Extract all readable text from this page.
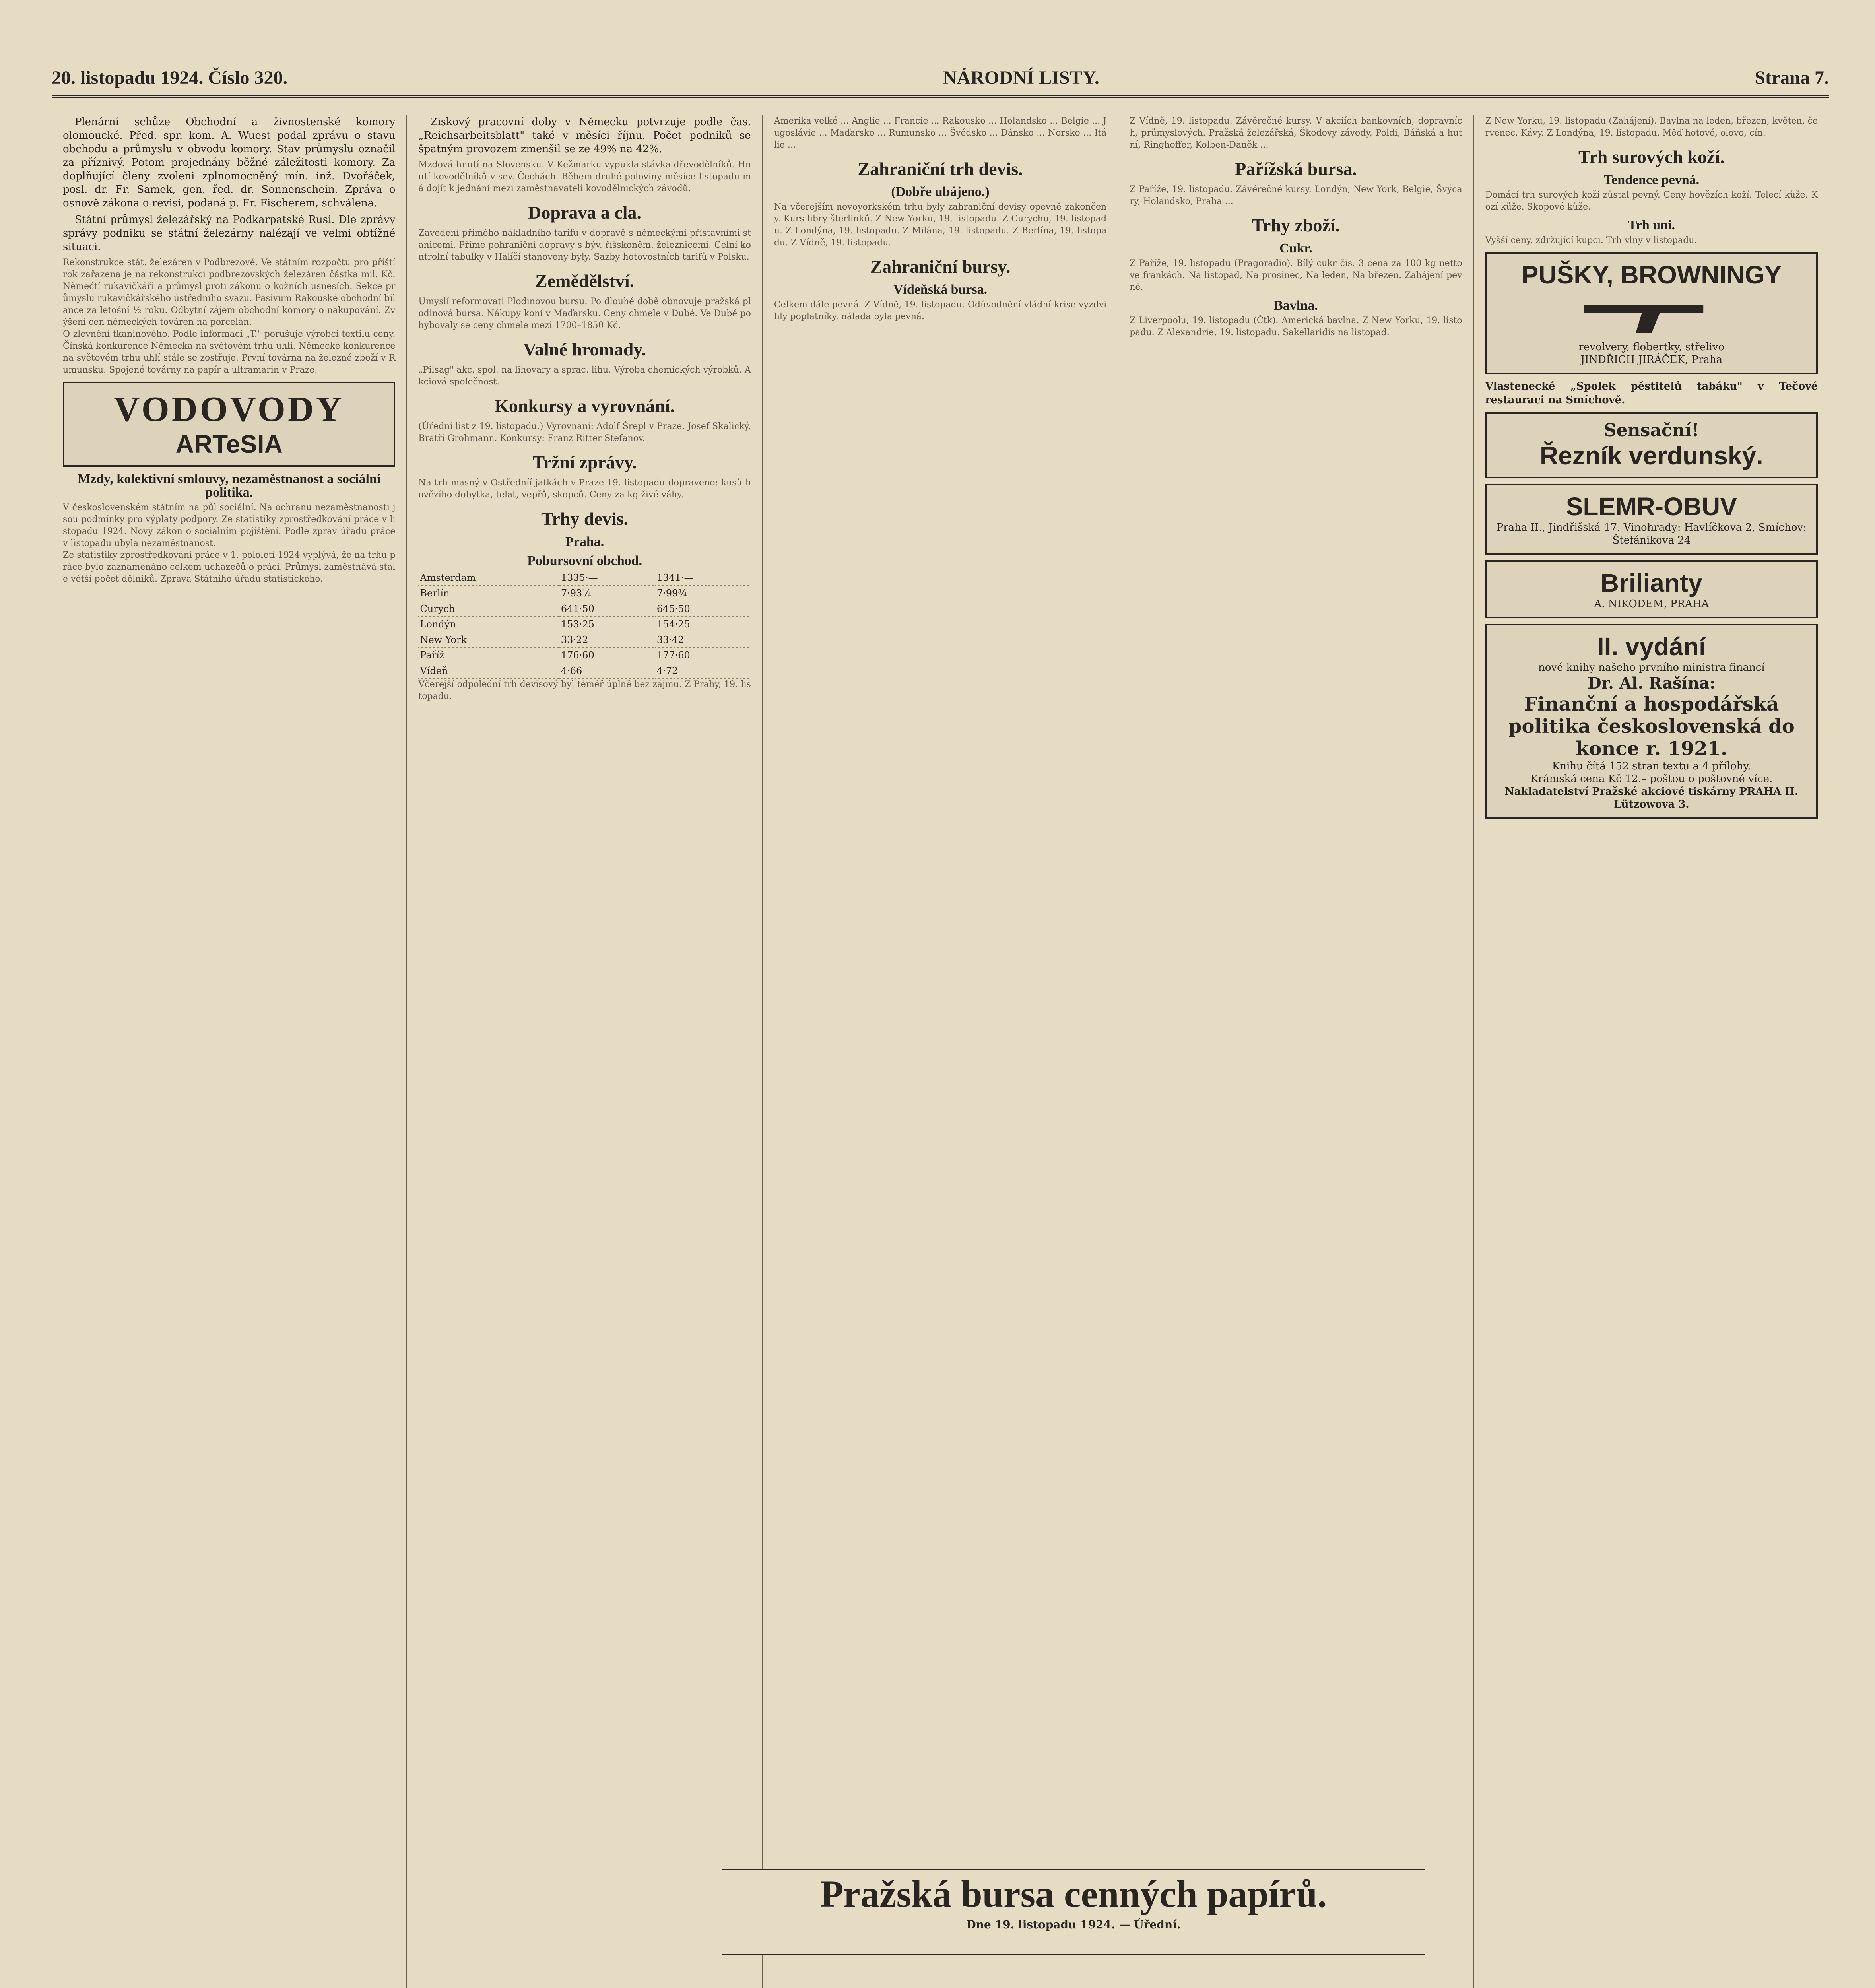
20. listopadu 1924. Číslo 320.	NÁRODNÍ LISTY.	Strana 7.

Plenární schůze Obchodní a živnostenské komory olomoucké. Před. spr. kom. A. Wuest podal zprávu o stavu obchodu a průmyslu v obvodu komory. Stav průmyslu označil za příznivý. Potom projednány běžné záležitosti komory. Za doplňující členy zvoleni zplnomocněný mín. inž. Dvořáček, posl. dr. Fr. Samek, gen. řed. dr. Sonnenschein. Zpráva o osnově zákona o revisi, podaná p. Fr. Fischerem, schválena.

Státní průmysl železářský na Podkarpatské Rusi. Dle zprávy správy podniku se státní železárny nalézají ve velmi obtížné situaci.

Rekonstrukce stát. železáren v Podbrezové. Ve státním rozpočtu pro příští rok zařazena je na rekonstrukci podbrezovských železáren částka mil. Kč. Němečtí rukavičkáři a průmysl proti zákonu o kožních usnesích. Sekce průmyslu rukavičkářského ústředního svazu. Pasivum Rakouské obchodní bilance za letošní ½ roku. Odbytní zájem obchodní komory o nakupování. Zvýšení cen německých továren na porcelán.
O zlevnění tkaninového. Podle informací „T." porušuje výrobci textilu ceny. Čínská konkurence Německa na světovém trhu uhlí. Německé konkurence na světovém trhu uhlí stále se zostřuje. První továrna na železné zboží v Rumunsku. Spojené továrny na papír a ultramarin v Praze.
VODOVODY
ARTeSIA
Mzdy, kolektivní smlouvy, nezaměstnanost a sociální politika.
V československém státním na půl sociální. Na ochranu nezaměstnanosti jsou podmínky pro výplaty podpory. Ze statistiky zprostředkování práce v listopadu 1924. Nový zákon o sociálním pojištění. Podle zpráv úřadu práce v listopadu ubyla nezaměstnanost.
Ze statistiky zprostředkování práce v 1. pololetí 1924 vyplývá, že na trhu práce bylo zaznamenáno celkem uchazečů o práci. Průmysl zaměstnává stále větší počet dělníků. Zpráva Státního úřadu statistického.

Ziskový pracovní doby v Německu potvrzuje podle čas. „Reichsarbeitsblatt" také v měsíci říjnu. Počet podniků se špatným provozem zmenšil se ze 49% na 42%.

Mzdová hnutí na Slovensku. V Kežmarku vypukla stávka dřevodělníků. Hnutí kovodělníků v sev. Čechách. Během druhé poloviny měsíce listopadu má dojít k jednání mezi zaměstnavateli kovodělnických závodů.
Doprava a cla.
Zavedení přímého nákladního tarifu v dopravě s německými přístavními stanicemi. Přímé pohraniční dopravy s býv. říšskoněm. železnicemi. Celní kontrolní tabulky v Halíčí stanoveny byly. Sazby hotovostních tarifů v Polsku.
Zemědělství.
Umyslí reformovati Plodinovou bursu. Po dlouhé době obnovuje pražská plodinová bursa. Nákupy koní v Maďarsku. Ceny chmele v Dubé. Ve Dubé pohybovaly se ceny chmele mezi 1700–1850 Kč.
Valné hromady.
„Pilsag" akc. spol. na lihovary a sprac. lihu. Výroba chemických výrobků. Akciová společnost.
Konkursy a vyrovnání.
(Úřední list z 19. listopadu.) Vyrovnání: Adolf Šrepl v Praze. Josef Skalický, Bratři Grohmann. Konkursy: Franz Ritter Stefanov.
Tržní zprávy.
Na trh masný v Ostředníí jatkách v Praze 19. listopadu dopraveno: kusů hovězího dobytka, telat, vepřů, skopců. Ceny za kg živé váhy.
Trhy devis.
Praha.
Pobursovní obchod.
Amsterdam	1335·—	1341·—
Berlín	7·93¼	7·99¾
Curych	641·50	645·50
Londýn	153·25	154·25
New York	33·22	33·42
Paříž	176·60	177·60
Vídeň	4·66	4·72
Včerejší odpolední trh devisový byl téměř úplně bez zájmu. Z Prahy, 19. listopadu.
Amerika velké ... Anglie ... Francie ... Rakousko ... Holandsko ... Belgie ... Jugoslávie ... Maďarsko ... Rumunsko ... Švédsko ... Dánsko ... Norsko ... Itálie ...
Zahraniční trh devis.
(Dobře ubájeno.)
Na včerejším novoyorkském trhu byly zahraniční devisy opevně zakončeny. Kurs libry šterlinků. Z New Yorku, 19. listopadu. Z Curychu, 19. listopadu. Z Londýna, 19. listopadu. Z Milána, 19. listopadu. Z Berlína, 19. listopadu. Z Vídně, 19. listopadu.
Zahraniční bursy.
Vídeňská bursa.
Celkem dále pevná. Z Vídně, 19. listopadu. Odúvodnění vládní krise vyzdvihly poplatníky, nálada byla pevná.
Z Vídně, 19. listopadu. Závěrečné kursy. V akciích bankovních, dopravních, průmyslových. Pražská železářská, Škodovy závody, Poldi, Báňská a hutní, Ringhoffer, Kolben-Daněk ...
Pařížská bursa.
Z Paříže, 19. listopadu. Závěrečné kursy. Londýn, New York, Belgie, Švýcary, Holandsko, Praha ...
Trhy zboží.
Cukr.
Z Paříže, 19. listopadu (Pragoradio). Bílý cukr čís. 3 cena za 100 kg netto ve frankách. Na listopad, Na prosinec, Na leden, Na březen. Zahájení pevné.
Bavlna.
Z Liverpoolu, 19. listopadu (Čtk). Americká bavlna. Z New Yorku, 19. listopadu. Z Alexandrie, 19. listopadu. Sakellaridis na listopad.
Z New Yorku, 19. listopadu (Zahájení). Bavlna na leden, březen, květen, červenec. Kávy. Z Londýna, 19. listopadu. Měď hotové, olovo, cín.
Trh surových koží.
Tendence pevná.
Domácí trh surových koží zůstal pevný. Ceny hovězích koží. Telecí kůže. Kozí kůže. Skopové kůže.
Trh uni.
Vyšší ceny, zdržující kupci. Trh vlny v listopadu.
PUŠKY, BROWNINGY
revolvery, flobertky, střelivo
JINDŘICH JIRÁČEK, Praha
Vlastenecké „Spolek pěstitelů tabáku" v Tečové restauraci na Smíchově.
Sensační!
Řezník verdunský.
SLEMR-OBUV
Praha II., Jindřišská 17. Vinohrady: Havlíčkova 2, Smíchov: Štefánikova 24
Brilianty
A. NIKODEM, PRAHA
II. vydání
nové knihy našeho prvního ministra financí
Dr. Al. Rašína:
Finanční a hospodářská politika československá do konce r. 1921.
Knihu čítá 152 stran textu a 4 přílohy.
Krámská cena Kč 12.– poštou o poštovné více.
Nakladatelství Pražské akciové tiskárny PRAHA II. Lützowova 3.
Pražská bursa cenných papírů.
Dne 19. listopadu 1924. — Úřední.
